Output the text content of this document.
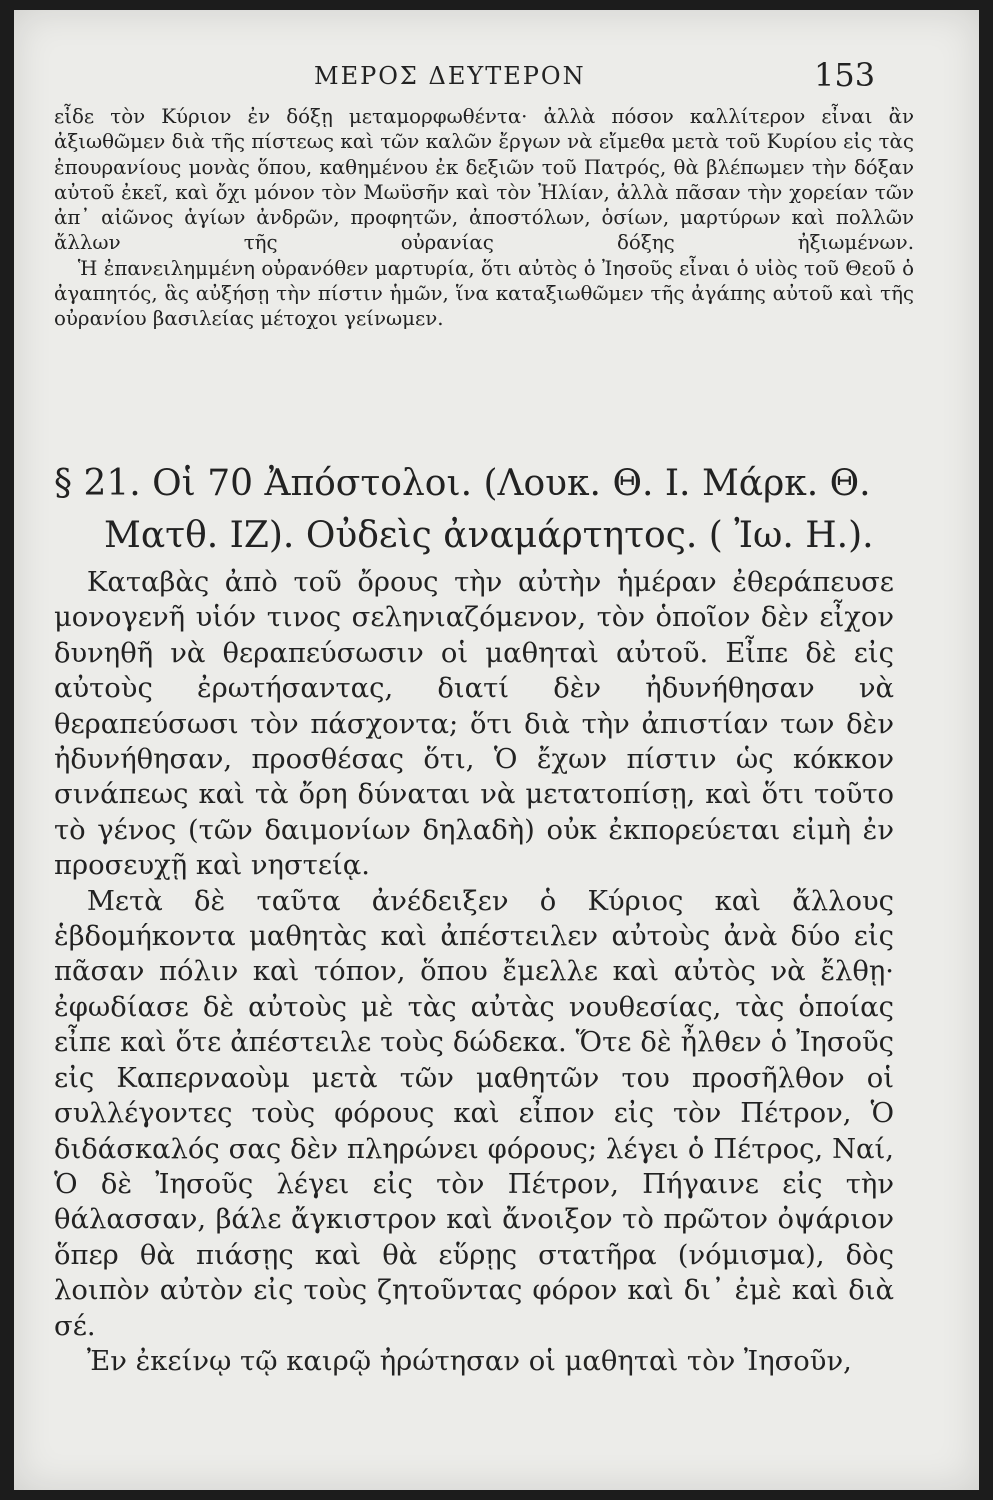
ΜΕΡΟΣ ΔΕΥΤΕΡΟΝ	153

εἶδε τὸν Κύριον ἐν δόξῃ μεταμορφωθέντα· ἀλλὰ πόσον καλλίτερον εἶναι ἂν ἀξιωθῶμεν διὰ τῆς πίστεως καὶ τῶν καλῶν ἔργων νὰ εἴμεθα μετὰ τοῦ Κυρίου εἰς τὰς ἐπουρανίους μονὰς ὅπου, καθημένου ἐκ δεξιῶν τοῦ Πατρός, θὰ βλέπωμεν τὴν δόξαν αὐτοῦ ἐκεῖ, καὶ ὄχι μόνον τὸν Μωϋσῆν καὶ τὸν Ἠλίαν, ἀλλὰ πᾶσαν τὴν χορείαν τῶν ἀπ᾽ αἰῶνος ἁγίων ἀνδρῶν, προφητῶν, ἀποστόλων, ὁσίων, μαρτύρων καὶ πολλῶν ἄλλων τῆς οὐρανίας δόξης ἠξιωμένων.

Ἡ ἐπανειλημμένη οὐρανόθεν μαρτυρία, ὅτι αὐτὸς ὁ Ἰησοῦς εἶναι ὁ υἱὸς τοῦ Θεοῦ ὁ ἀγαπητός, ἃς αὐξήσῃ τὴν πίστιν ἡμῶν, ἵνα καταξιωθῶμεν τῆς ἀγάπης αὐτοῦ καὶ τῆς οὐρανίου βασιλείας μέτοχοι γείνωμεν.

§ 21. Οἱ 70 Ἀπόστολοι. (Λουκ. Θ. Ι. Μάρκ. Θ.
Ματθ. ΙΖ). Οὐδεὶς ἀναμάρτητος. ( Ἰω. Η.).

Καταβὰς ἀπὸ τοῦ ὄρους τὴν αὐτὴν ἡμέραν ἐθεράπευσε μονογενῆ υἱόν τινος σεληνιαζόμενον, τὸν ὁποῖον δὲν εἶχον δυνηθῆ νὰ θεραπεύσωσιν οἱ μαθηταὶ αὐτοῦ. Εἶπε δὲ εἰς αὐτοὺς ἐρωτήσαντας, διατί δὲν ἠδυνήθησαν νὰ θεραπεύσωσι τὸν πάσχοντα; ὅτι διὰ τὴν ἀπιστίαν των δὲν ἠδυνήθησαν, προσθέσας ὅτι, Ὁ ἔχων πίστιν ὡς κόκκον σινάπεως καὶ τὰ ὄρη δύναται νὰ μετατοπίσῃ, καὶ ὅτι τοῦτο τὸ γένος (τῶν δαιμονίων δηλαδὴ) οὐκ ἐκπορεύεται εἰμὴ ἐν προσευχῇ καὶ νηστείᾳ.

Μετὰ δὲ ταῦτα ἀνέδειξεν ὁ Κύριος καὶ ἄλλους ἑβδομήκοντα μαθητὰς καὶ ἀπέστειλεν αὐτοὺς ἀνὰ δύο εἰς πᾶσαν πόλιν καὶ τόπον, ὅπου ἔμελλε καὶ αὐτὸς νὰ ἔλθῃ· ἐφωδίασε δὲ αὐτοὺς μὲ τὰς αὐτὰς νουθεσίας, τὰς ὁποίας εἶπε καὶ ὅτε ἀπέστειλε τοὺς δώδεκα. Ὅτε δὲ ἦλθεν ὁ Ἰησοῦς εἰς Καπερναοὺμ μετὰ τῶν μαθητῶν του προσῆλθον οἱ συλλέγοντες τοὺς φόρους καὶ εἶπον εἰς τὸν Πέτρον, Ὁ διδάσκαλός σας δὲν πληρώνει φόρους; λέγει ὁ Πέτρος, Ναί, Ὁ δὲ Ἰησοῦς λέγει εἰς τὸν Πέτρον, Πήγαινε εἰς τὴν θάλασσαν, βάλε ἄγκιστρον καὶ ἄνοιξον τὸ πρῶτον ὀψάριον ὅπερ θὰ πιάσῃς καὶ θὰ εὕρῃς στατῆρα (νόμισμα), δὸς λοιπὸν αὐτὸν εἰς τοὺς ζητοῦντας φόρον καὶ δι᾽ ἐμὲ καὶ διὰ σέ.

Ἐν ἐκείνῳ τῷ καιρῷ ἠρώτησαν οἱ μαθηταὶ τὸν Ἰησοῦν,
